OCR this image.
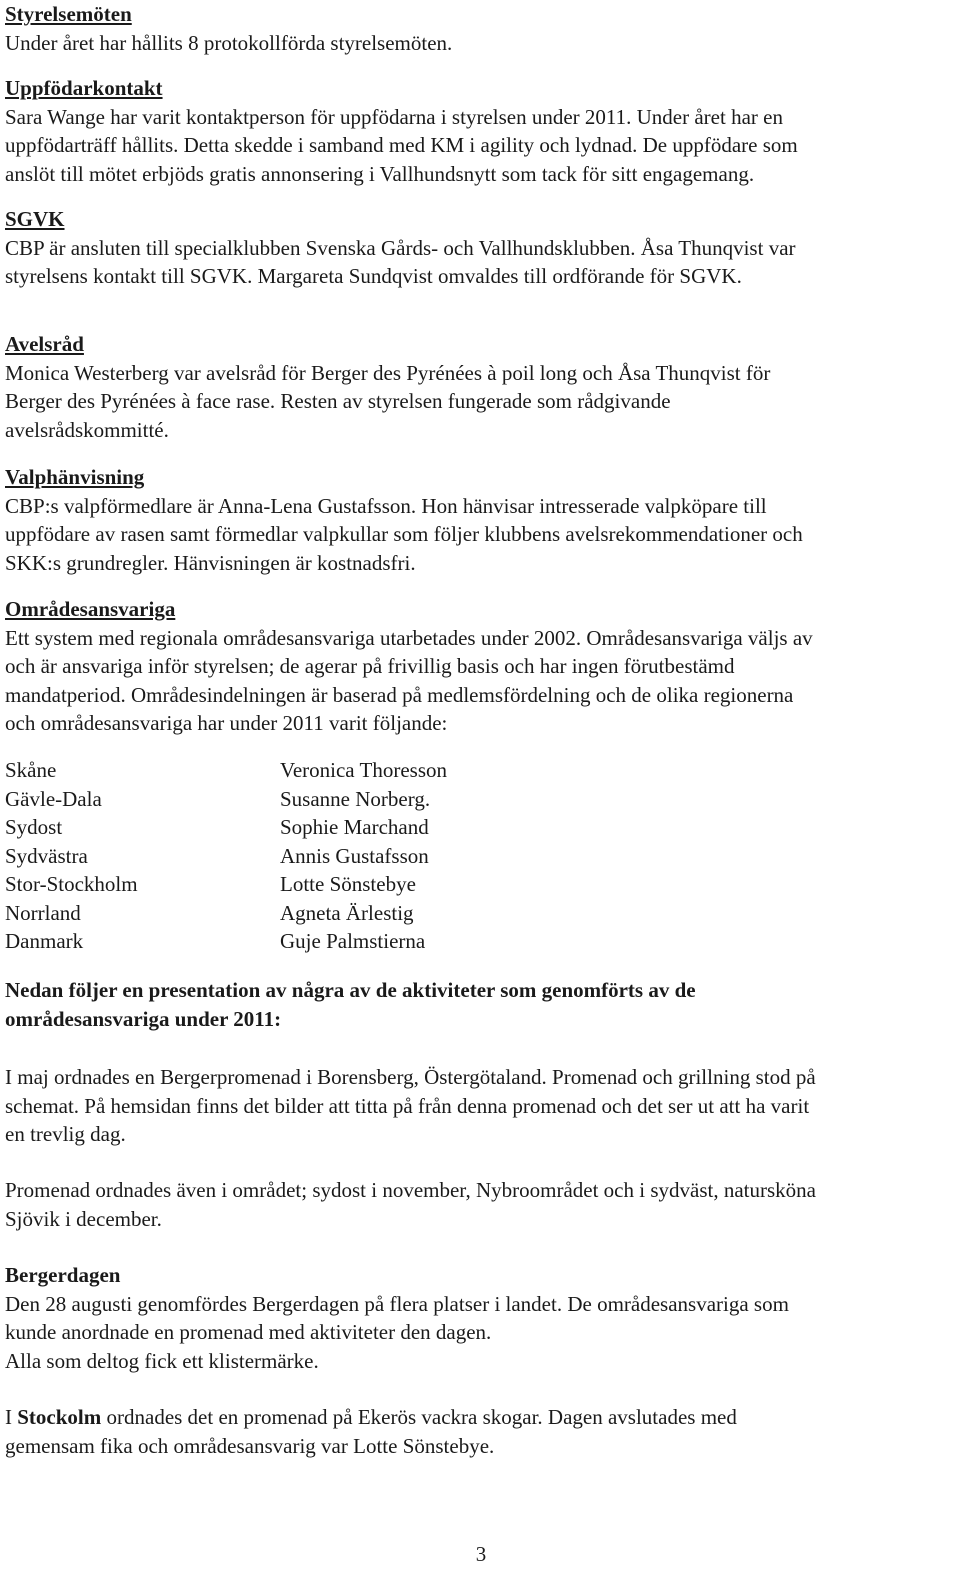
Styrelsemöten
Under året har hållits 8 protokollförda styrelsemöten.
Uppfödarkontakt
Sara Wange har varit kontaktperson för uppfödarna i styrelsen under 2011. Under året har en
uppfödarträff hållits. Detta skedde i samband med KM i agility och lydnad. De uppfödare som
anslöt till mötet erbjöds gratis annonsering i Vallhundsnytt som tack för sitt engagemang.
SGVK
CBP är ansluten till specialklubben Svenska Gårds- och Vallhundsklubben. Åsa Thunqvist var
styrelsens kontakt till SGVK. Margareta Sundqvist omvaldes till ordförande för SGVK.
Avelsråd
Monica Westerberg var avelsråd för Berger des Pyrénées à poil long och Åsa Thunqvist för
Berger des Pyrénées à face rase. Resten av styrelsen fungerade som rådgivande
avelsrådskommitté.
Valphänvisning
CBP:s valpförmedlare är Anna-Lena Gustafsson. Hon hänvisar intresserade valpköpare till
uppfödare av rasen samt förmedlar valpkullar som följer klubbens avelsrekommendationer och
SKK:s grundregler. Hänvisningen är kostnadsfri.
Områdesansvariga
Ett system med regionala områdesansvariga utarbetades under 2002. Områdesansvariga väljs av
och är ansvariga inför styrelsen; de agerar på frivillig basis och har ingen förutbestämd
mandatperiod. Områdesindelningen är baserad på medlemsfördelning och de olika regionerna
och områdesansvariga har under 2011 varit följande:
Skåne	Veronica Thoresson
Gävle-Dala	Susanne Norberg.
Sydost	Sophie Marchand
Sydvästra	Annis Gustafsson
Stor-Stockholm	Lotte Sönstebye
Norrland	Agneta Ärlestig
Danmark	Guje Palmstierna
Nedan följer en presentation av några av de aktiviteter som genomförts av de
områdesansvariga under 2011:
I maj ordnades en Bergerpromenad i Borensberg, Östergötaland. Promenad och grillning stod på
schemat. På hemsidan finns det bilder att titta på från denna promenad och det ser ut att ha varit
en trevlig dag.
Promenad ordnades även i området; sydost i november, Nybroområdet och i sydväst, natursköna
Sjövik i december.
Bergerdagen
Den 28 augusti genomfördes Bergerdagen på flera platser i landet. De områdesansvariga som
kunde anordnade en promenad med aktiviteter den dagen.
Alla som deltog fick ett klistermärke.
I Stockolm ordnades det en promenad på Ekerös vackra skogar. Dagen avslutades med
gemensam fika och områdesansvarig var Lotte Sönstebye.
3
